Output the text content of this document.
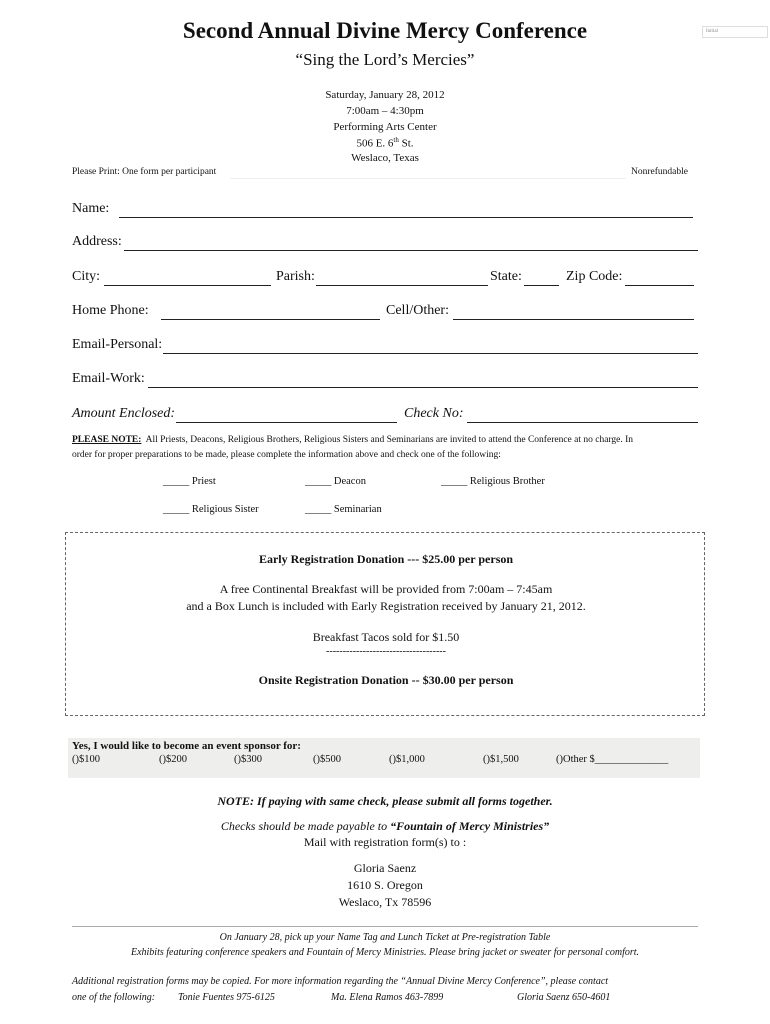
Second Annual Divine Mercy Conference	Initial
“Sing the Lord’s Mercies”
Saturday, January 28, 2012
7:00am – 4:30pm
Performing Arts Center
506 E. 6th St.
Weslaco, Texas
Please Print: One form per participant	Nonrefundable
Name:
Address:
City:	Parish:	State:	Zip Code:
Home Phone:	Cell/Other:
Email-Personal:
Email-Work:
Amount Enclosed:	Check No:
PLEASE NOTE: All Priests, Deacons, Religious Brothers, Religious Sisters and Seminarians are invited to attend the Conference at no charge. In
order for proper preparations to be made, please complete the information above and check one of the following:
_____ Priest	_____ Deacon	_____ Religious Brother
_____ Religious Sister	_____ Seminarian
Early Registration Donation --- $25.00 per person
A free Continental Breakfast will be provided from 7:00am – 7:45am
and a Box Lunch is included with Early Registration received by January 21, 2012.
Breakfast Tacos sold for $1.50
------------------------------------
Onsite Registration Donation -- $30.00 per person
Yes, I would like to become an event sponsor for:
()$100	()$200	()$300	()$500	()$1,000	()$1,500	()Other $______________
NOTE: If paying with same check, please submit all forms together.
Checks should be made payable to “Fountain of Mercy Ministries”
Mail with registration form(s) to :
Gloria Saenz
1610 S. Oregon
Weslaco, Tx 78596
On January 28, pick up your Name Tag and Lunch Ticket at Pre-registration Table
Exhibits featuring conference speakers and Fountain of Mercy Ministries. Please bring jacket or sweater for personal comfort.
Additional registration forms may be copied. For more information regarding the “Annual Divine Mercy Conference”, please contact
one of the following: Tonie Fuentes 975-6125	Ma. Elena Ramos 463-7899	Gloria Saenz 650-4601
